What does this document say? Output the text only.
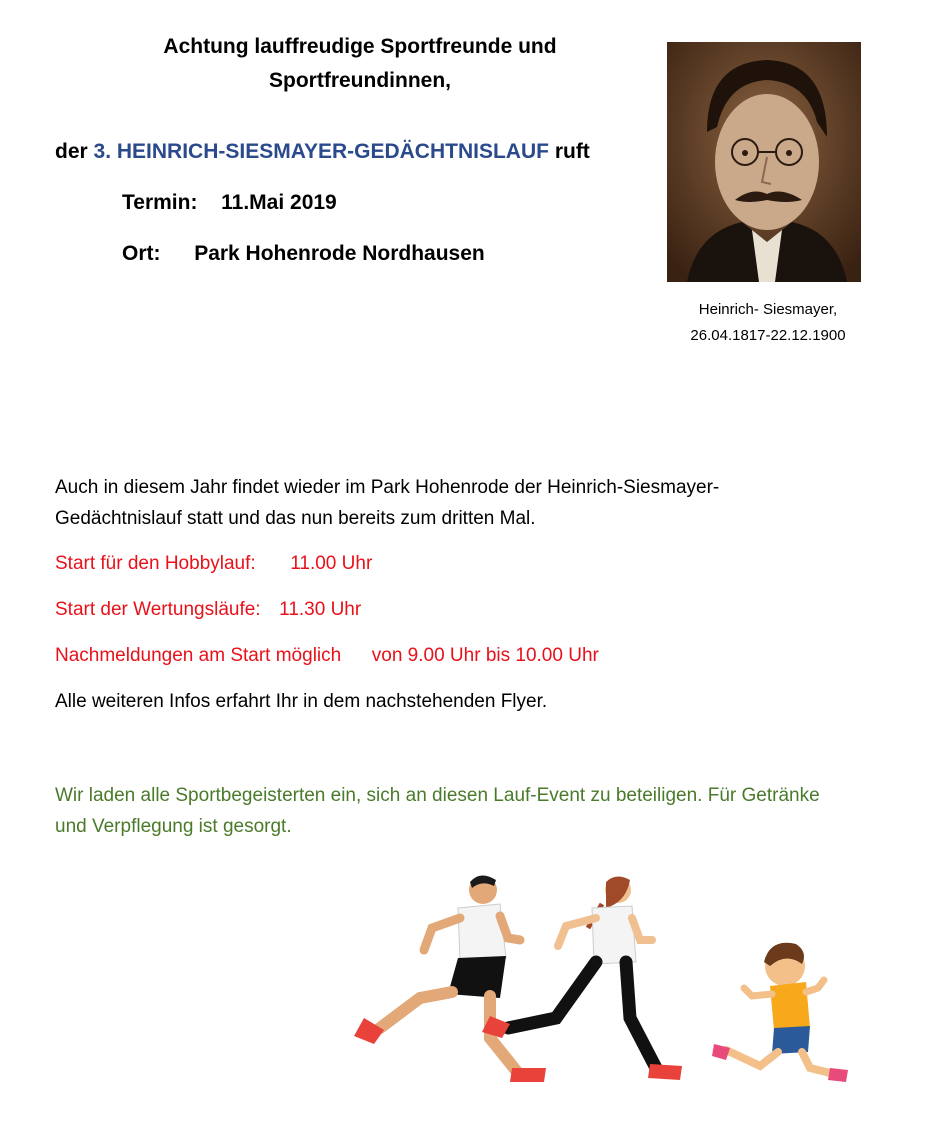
Achtung lauffreudige Sportfreunde und
Sportfreundinnen,
der 3. HEINRICH-SIESMAYER-GEDÄCHTNISLAUF ruft
Termin: 11.Mai 2019
Ort: Park Hohenrode Nordhausen
Heinrich- Siesmayer,
26.04.1817-22.12.1900
Auch in diesem Jahr findet wieder im Park Hohenrode der Heinrich-Siesmayer-
Gedächtnislauf statt und das nun bereits zum dritten Mal.
Start für den Hobbylauf: 11.00 Uhr
Start der Wertungsläufe: 11.30 Uhr
Nachmeldungen am Start möglich von 9.00 Uhr bis 10.00 Uhr
Alle weiteren Infos erfahrt Ihr in dem nachstehenden Flyer.
Wir laden alle Sportbegeisterten ein, sich an diesen Lauf-Event zu beteiligen. Für Getränke
und Verpflegung ist gesorgt.
